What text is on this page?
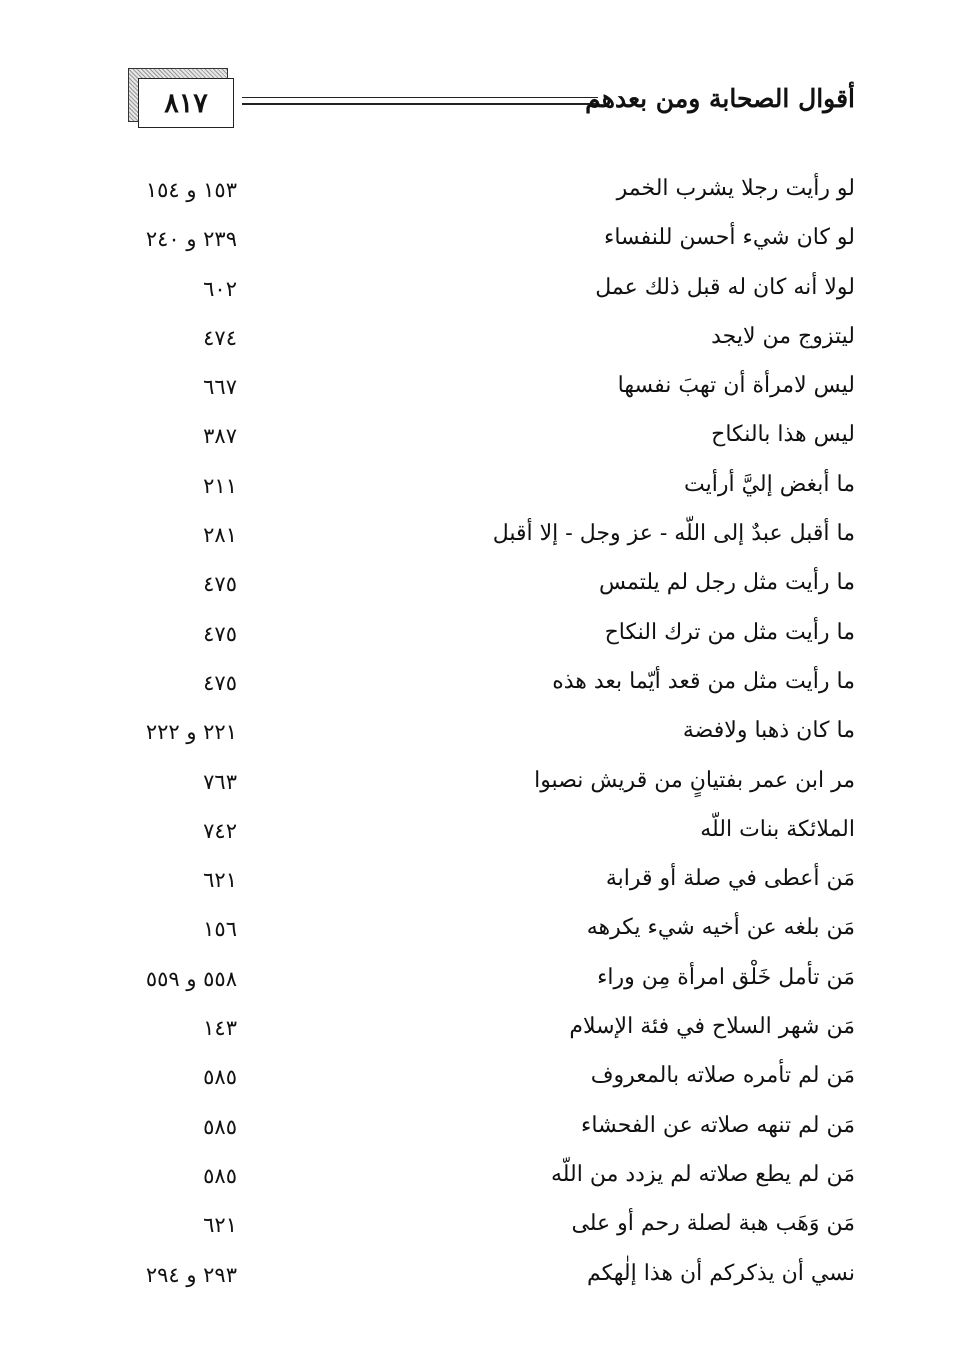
٨١٧	أقوال الصحابة ومن بعدهم
لو رأيت رجلا يشرب الخمر
١٥٣ و ١٥٤
لو كان شيء أحسن للنفساء
٢٣٩ و ٢٤٠
لولا أنه كان له قبل ذلك عمل
٦٠٢
ليتزوج من لايجد
٤٧٤
ليس لامرأة أن تهبَ نفسها
٦٦٧
ليس هذا بالنكاح
٣٨٧
ما أبغض إليَّ أرأيت
٢١١
ما أقبل عبدٌ إلى اللّه - عز وجل - إلا أقبل
٢٨١
ما رأيت مثل رجل لم يلتمس
٤٧٥
ما رأيت مثل من ترك النكاح
٤٧٥
ما رأيت مثل من قعد أيّما بعد هذه
٤٧٥
ما كان ذهبا ولافضة
٢٢١ و ٢٢٢
مر ابن عمر بفتيانٍ من قريش نصبوا
٧٦٣
الملائكة بنات اللّه
٧٤٢
مَن أعطى في صلة أو قرابة
٦٢١
مَن بلغه عن أخيه شيء يكرهه
١٥٦
مَن تأمل خَلْق امرأة مِن وراء
٥٥٨ و ٥٥٩
مَن شهر السلاح في فئة الإسلام
١٤٣
مَن لم تأمره صلاته بالمعروف
٥٨٥
مَن لم تنهه صلاته عن الفحشاء
٥٨٥
مَن لم يطع صلاته لم يزدد من اللّه
٥٨٥
مَن وَهَب هبة لصلة رحم أو على
٦٢١
نسي أن يذكركم أن هذا إلٰهكم
٢٩٣ و ٢٩٤
